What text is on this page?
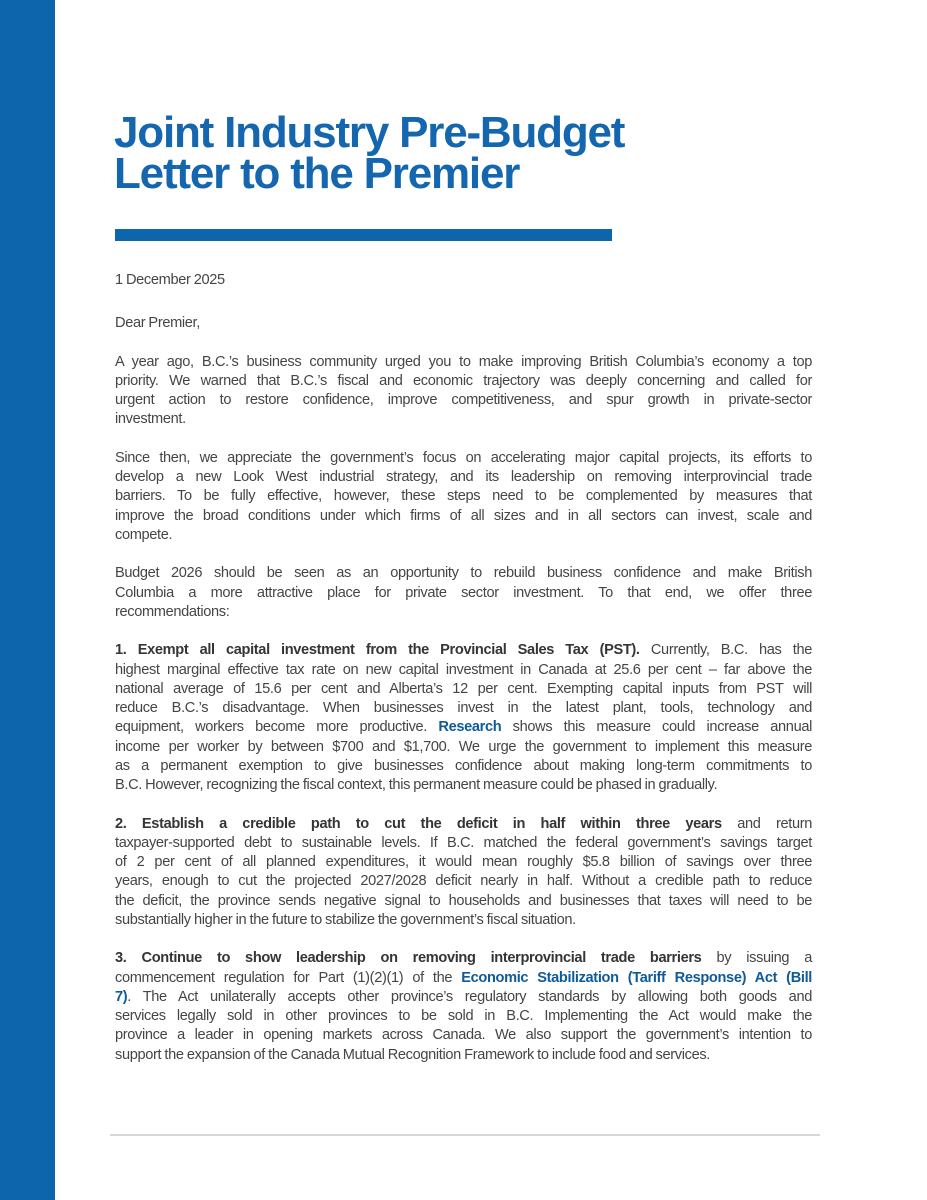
Joint Industry Pre-Budget
Letter to the Premier
1 December 2025
Dear Premier,
A year ago, B.C.’s business community urged you to make improving British Columbia’s economy a top
priority. We warned that B.C.’s fiscal and economic trajectory was deeply concerning and called for
urgent action to restore confidence, improve competitiveness, and spur growth in private-sector
investment.
Since then, we appreciate the government’s focus on accelerating major capital projects, its efforts to
develop a new Look West industrial strategy, and its leadership on removing interprovincial trade
barriers. To be fully effective, however, these steps need to be complemented by measures that
improve the broad conditions under which firms of all sizes and in all sectors can invest, scale and
compete.
Budget 2026 should be seen as an opportunity to rebuild business confidence and make British
Columbia a more attractive place for private sector investment. To that end, we offer three
recommendations:
1. Exempt all capital investment from the Provincial Sales Tax (PST). Currently, B.C. has the
highest marginal effective tax rate on new capital investment in Canada at 25.6 per cent – far above the
national average of 15.6 per cent and Alberta’s 12 per cent. Exempting capital inputs from PST will
reduce B.C.’s disadvantage. When businesses invest in the latest plant, tools, technology and
equipment, workers become more productive. Research shows this measure could increase annual
income per worker by between $700 and $1,700. We urge the government to implement this measure
as a permanent exemption to give businesses confidence about making long-term commitments to
B.C. However, recognizing the fiscal context, this permanent measure could be phased in gradually.
2. Establish a credible path to cut the deficit in half within three years and return
taxpayer-supported debt to sustainable levels. If B.C. matched the federal government’s savings target
of 2 per cent of all planned expenditures, it would mean roughly $5.8 billion of savings over three
years, enough to cut the projected 2027/2028 deficit nearly in half. Without a credible path to reduce
the deficit, the province sends negative signal to households and businesses that taxes will need to be
substantially higher in the future to stabilize the government’s fiscal situation.
3. Continue to show leadership on removing interprovincial trade barriers by issuing a
commencement regulation for Part (1)(2)(1) of the Economic Stabilization (Tariff Response) Act (Bill
7). The Act unilaterally accepts other province’s regulatory standards by allowing both goods and
services legally sold in other provinces to be sold in B.C. Implementing the Act would make the
province a leader in opening markets across Canada. We also support the government’s intention to
support the expansion of the Canada Mutual Recognition Framework to include food and services.
